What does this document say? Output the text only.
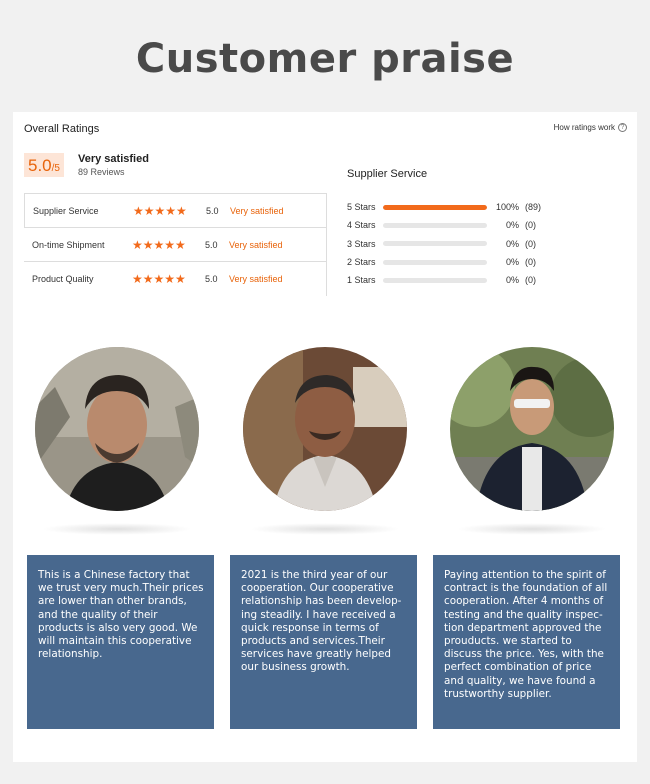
Customer praise
Overall Ratings	How ratings work ?
5.0/5
Very satisfied
89 Reviews
Supplier Service	★★★★★	5.0	Very satisfied
On-time Shipment	★★★★★	5.0	Very satisfied
Product Quality	★★★★★	5.0	Very satisfied
Supplier Service
5 Stars	100% (89)
4 Stars	0% (0)
3 Stars	0% (0)
2 Stars	0% (0)
1 Stars	0% (0)
This is a Chinese factory that we trust very much.Their prices are lower than other brands, and the quality of their products is also very good. We will maintain this cooperative relationship.
2021 is the third year of our cooperation. Our cooperative relationship has been develop-ing steadily. I have received a quick response in terms of products and services.Their services have greatly helped our business growth.
Paying attention to the spirit of contract is the foundation of all cooperation. After 4 months of testing and the quality inspec-tion department approved the prouducts. we started to discuss the price. Yes, with the perfect combination of price and quality, we have found a trustworthy supplier.
